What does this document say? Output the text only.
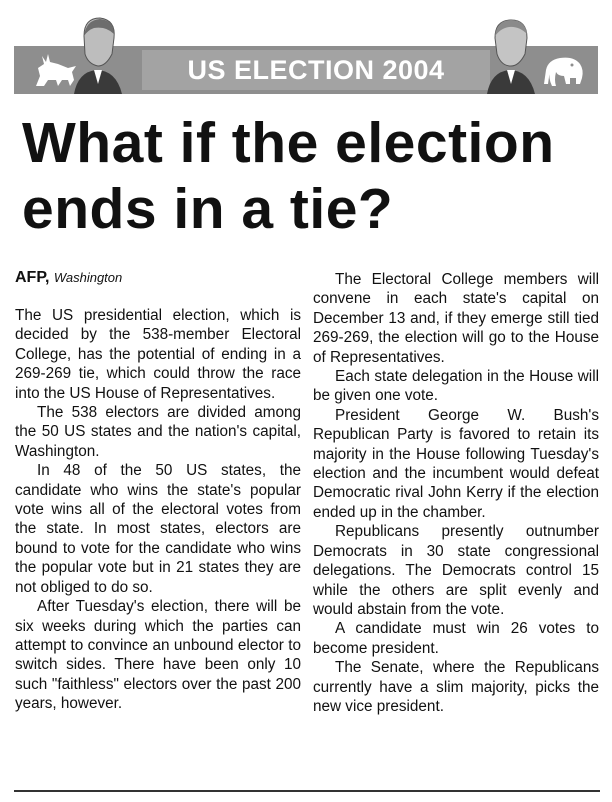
US ELECTION 2004
What if the election ends in a tie?
AFP, Washington

The US presidential election, which is decided by the 538-member Electoral College, has the potential of ending in a 269-269 tie, which could throw the race into the US House of Representatives.

The 538 electors are divided among the 50 US states and the nation's capital, Washington.

In 48 of the 50 US states, the candidate who wins the state's popular vote wins all of the electoral votes from the state. In most states, electors are bound to vote for the candidate who wins the popular vote but in 21 states they are not obliged to do so.

After Tuesday's election, there will be six weeks during which the parties can attempt to convince an unbound elector to switch sides. There have been only 10 such "faithless" electors over the past 200 years, however.

The Electoral College members will convene in each state's capital on December 13 and, if they emerge still tied 269-269, the election will go to the House of Representatives.

Each state delegation in the House will be given one vote.

President George W. Bush's Republican Party is favored to retain its majority in the House following Tuesday's election and the incumbent would defeat Democratic rival John Kerry if the election ended up in the chamber.

Republicans presently outnumber Democrats in 30 state congressional delegations. The Democrats control 15 while the others are split evenly and would abstain from the vote.

A candidate must win 26 votes to become president.

The Senate, where the Republicans currently have a slim majority, picks the new vice president.
